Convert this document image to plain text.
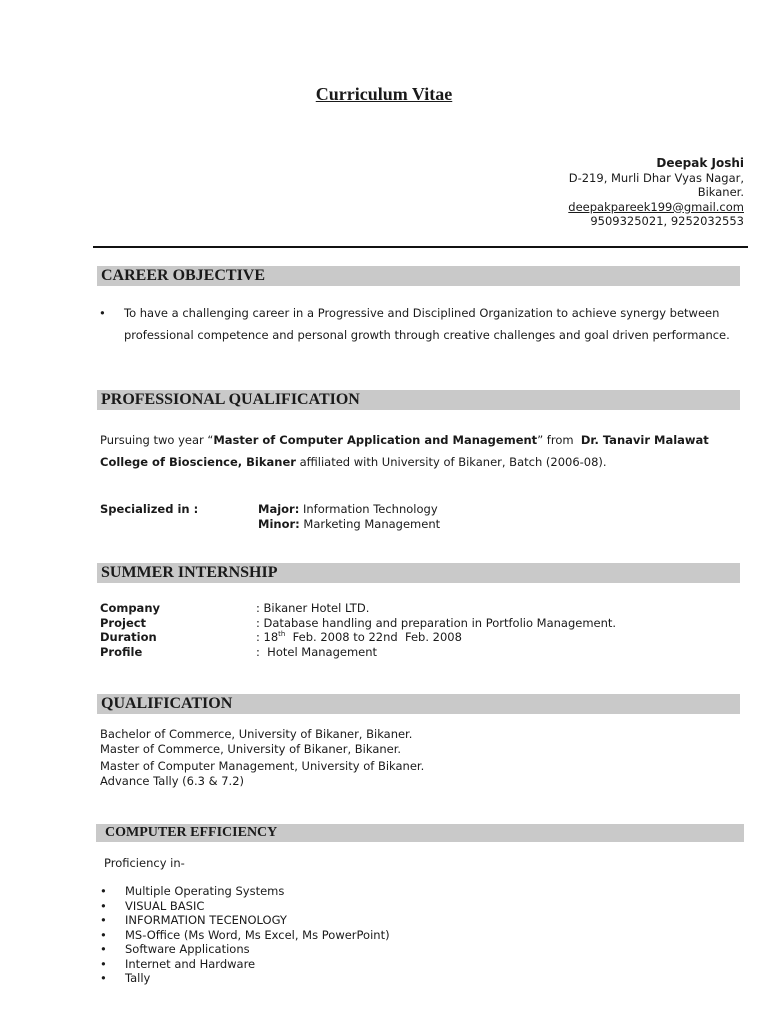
Curriculum Vitae
Deepak Joshi
D-219, Murli Dhar Vyas Nagar,
Bikaner.
deepakpareek199@gmail.com
9509325021, 9252032553
CAREER OBJECTIVE
• To have a challenging career in a Progressive and Disciplined Organization to achieve synergy between
professional competence and personal growth through creative challenges and goal driven performance.
PROFESSIONAL QUALIFICATION
Pursuing two year “Master of Computer Application and Management” from  Dr. Tanavir Malawat
College of Bioscience, Bikaner affiliated with University of Bikaner, Batch (2006-08).
Specialized in :	Major: Information Technology
Minor: Marketing Management
SUMMER INTERNSHIP
Company	: Bikaner Hotel LTD.
Project	: Database handling and preparation in Portfolio Management.
Duration	: 18th  Feb. 2008 to 22nd  Feb. 2008
Profile	:  Hotel Management
QUALIFICATION
Bachelor of Commerce, University of Bikaner, Bikaner.
Master of Commerce, University of Bikaner, Bikaner.
Master of Computer Management, University of Bikaner.
Advance Tally (6.3 & 7.2)
COMPUTER EFFICIENCY
Proficiency in-
• Multiple Operating Systems
• VISUAL BASIC
• INFORMATION TECENOLOGY
• MS-Office (Ms Word, Ms Excel, Ms PowerPoint)
• Software Applications
• Internet and Hardware
• Tally
